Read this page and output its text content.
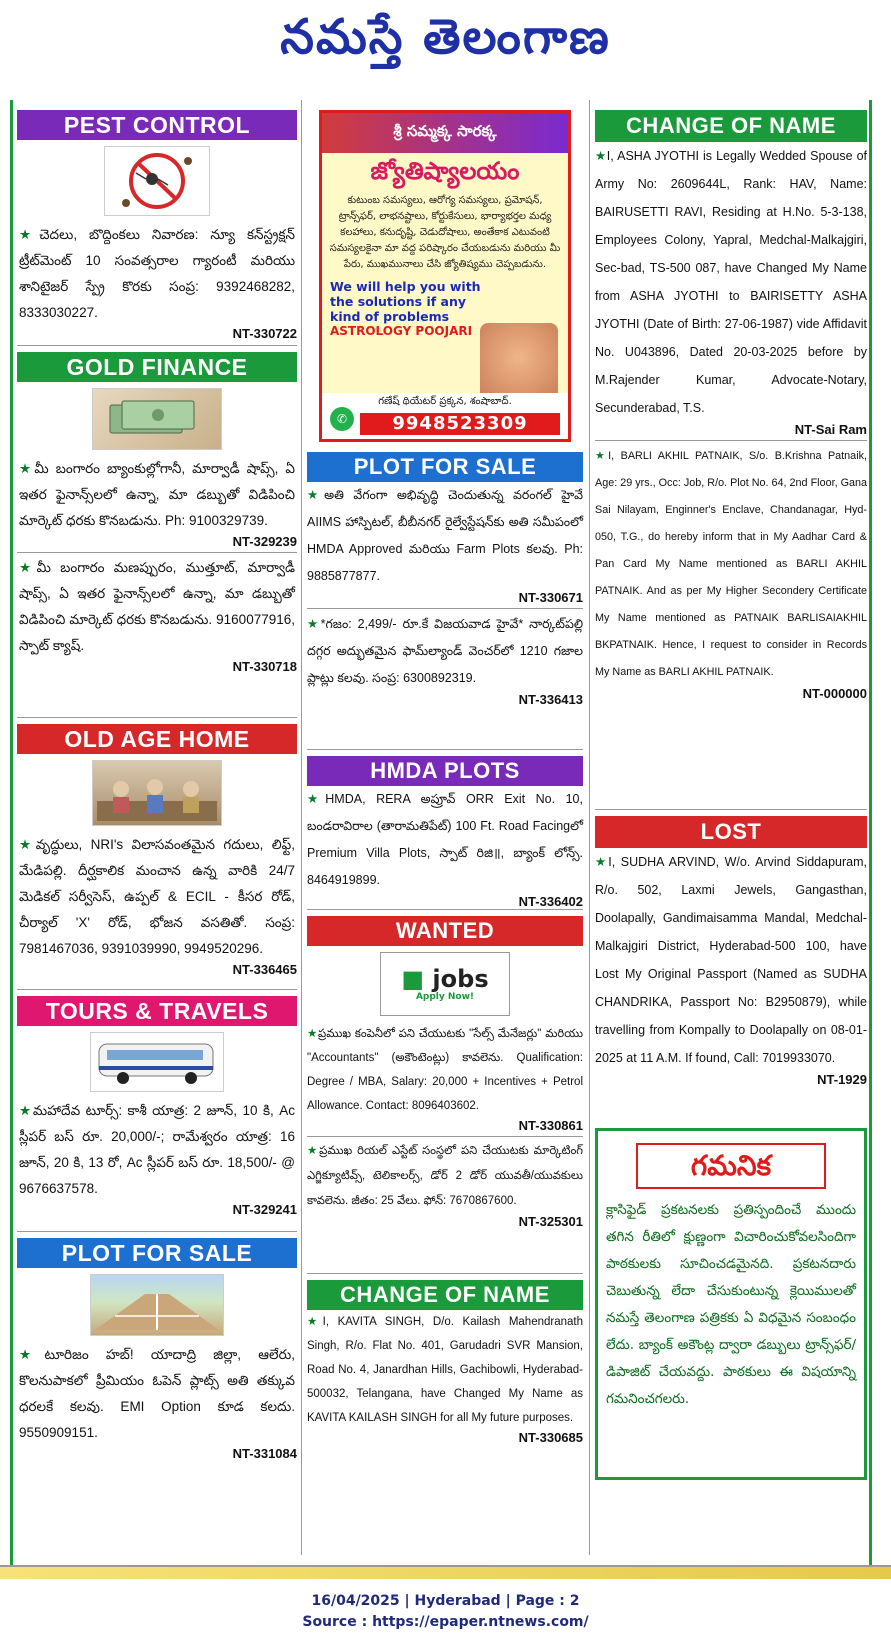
నమస్తే తెలంగాణ
PEST CONTROL
★చెదలు, బొద్దింకలు నివారణ: న్యూ కన్‌స్ట్రక్షన్ ట్రీట్‌మెంట్ 10 సంవత్సరాల గ్యారంటీ మరియు శానిటైజర్ స్ప్రే కొరకు సంప్ర: 9392468282, 8333030227.
NT-330722
GOLD FINANCE
★మీ బంగారం బ్యాంకుల్లోగానీ, మార్వాడీ షాప్స్, ఏ ఇతర ఫైనాన్స్‌లలో ఉన్నా, మా డబ్బుతో విడిపించి మార్కెట్ ధరకు కొనబడును. Ph: 9100329739.
NT-329239
★మీ బంగారం మణప్పురం, ముత్తూట్, మార్వాడీ షాప్స్, ఏ ఇతర ఫైనాన్స్‌లలో ఉన్నా, మా డబ్బుతో విడిపించి మార్కెట్ ధరకు కొనబడును. 9160077916, స్పాట్ క్యాష్.
NT-330718
OLD AGE HOME
★వృద్ధులు, NRI's విలాసవంతమైన గదులు, లిఫ్ట్, మేడిపల్లి. దీర్ఘకాలిక మంచాన ఉన్న వారికి 24/7 మెడికల్ సర్వీసెస్, ఉప్పల్ & ECIL - కీసర రోడ్, చీర్యాల్ 'X' రోడ్, భోజన వసతితో. సంప్ర: 7981467036, 9391039990, 9949520296.
NT-336465
TOURS & TRAVELS
★మహాదేవ టూర్స్: కాశీ యాత్ర: 2 జూన్, 10 కి, Ac స్లీపర్ బస్ రూ. 20,000/-; రామేశ్వరం యాత్ర: 16 జూన్, 20 కి, 13 రో, Ac స్లీపర్ బస్ రూ. 18,500/- @ 9676637578.
NT-329241
PLOT FOR SALE
★టూరిజం హబ్! యాదాద్రి జిల్లా, ఆలేరు, కొలనుపాకలో ప్రీమియం ఓపెన్ ప్లాట్స్ అతి తక్కువ ధరలకే కలవు. EMI Option కూడ కలదు. 9550909151.
NT-331084
శ్రీ సమ్మక్క సారక్క
జ్యోతిష్యాలయం
కుటుంబ సమస్యలు, ఆరోగ్య సమస్యలు, ప్రమోషన్, ట్రాన్స్‌ఫర్, లాభనష్టాలు, కోర్టుకేసులు, భార్యాభర్తల మధ్య కలహాలు, కనుదృష్టి, చెడుదోషాలు, అంతేకాక ఎటువంటి సమస్యలకైనా మా వద్ద పరిష్కారం చేయబడును మరియు మీ పేరు, ముఖమునాలు చేసి జ్యోతిష్యము చెప్పబడును.
We will help you with the solutions if any kind of problems
ASTROLOGY POOJARI
గణేష్ థియేటర్ ప్రక్కన, శంషాబాద్.
✆	9948523309
PLOT FOR SALE
★అతి వేగంగా అభివృద్ధి చెందుతున్న వరంగల్ హైవే AIIMS హాస్పిటల్, బీబీనగర్ రైల్వేస్టేషన్‌కు అతి సమీపంలో HMDA Approved మరియు Farm Plots కలవు. Ph: 9885877877.
NT-330671
★*గజం: 2,499/- రూ.కే విజయవాడ హైవే* నార్కట్‌పల్లి దగ్గర అద్భుతమైన ఫామ్‌ల్యాండ్ వెంచర్‌లో 1210 గజాల ప్లాట్లు కలవు. సంప్ర: 6300892319.
NT-336413
HMDA PLOTS
★HMDA, RERA అప్రూవ్ ORR Exit No. 10, బండరావిరాల (తారామతిపేట్) 100 Ft. Road Facingలో Premium Villa Plots, స్పాట్ రిజి॥, బ్యాంక్ లోన్స్. 8464919899.
NT-336402
WANTED
■ jobs
Apply Now!
★ప్రముఖ కంపెనీలో పని చేయుటకు "సేల్స్ మేనేజర్లు" మరియు "Accountants" (అకౌంటెంట్లు) కావలెను. Qualification: Degree / MBA, Salary: 20,000 + Incentives + Petrol Allowance. Contact: 8096403602.
NT-330861
★ప్రముఖ రియల్ ఎస్టేట్ సంస్థలో పని చేయుటకు మార్కెటింగ్ ఎగ్జిక్యూటివ్స్, టెలికాలర్స్, డోర్ 2 డోర్ యువతీ/యువకులు కావలెను. జీతం: 25 వేలు. ఫోన్: 7670867600.
NT-325301
CHANGE OF NAME
★I, KAVITA SINGH, D/o. Kailash Mahendranath Singh, R/o. Flat No. 401, Garudadri SVR Mansion, Road No. 4, Janardhan Hills, Gachibowli, Hyderabad-500032, Telangana, have Changed My Name as KAVITA KAILASH SINGH for all My future purposes.
NT-330685
CHANGE OF NAME
★I, ASHA JYOTHI is Legally Wedded Spouse of Army No: 2609644L, Rank: HAV, Name: BAIRUSETTI RAVI, Residing at H.No. 5-3-138, Employees Colony, Yapral, Medchal-Malkajgiri, Sec-bad, TS-500 087, have Changed My Name from ASHA JYOTHI to BAIRISETTY ASHA JYOTHI (Date of Birth: 27-06-1987) vide Affidavit No. U043896, Dated 20-03-2025 before by M.Rajender Kumar, Advocate-Notary, Secunderabad, T.S.
NT-Sai Ram
★I, BARLI AKHIL PATNAIK, S/o. B.Krishna Patnaik, Age: 29 yrs., Occ: Job, R/o. Plot No. 64, 2nd Floor, Gana Sai Nilayam, Enginner's Enclave, Chandanagar, Hyd-050, T.G., do hereby inform that in My Aadhar Card & Pan Card My Name mentioned as BARLI AKHIL PATNAIK. And as per My Higher Secondery Certificate My Name mentioned as PATNAIK BARLISAIAKHIL BKPATNAIK. Hence, I request to consider in Records My Name as BARLI AKHIL PATNAIK.
NT-000000
LOST
★I, SUDHA ARVIND, W/o. Arvind Siddapuram, R/o. 502, Laxmi Jewels, Gangasthan, Doolapally, Gandimaisamma Mandal, Medchal-Malkajgiri District, Hyderabad-500 100, have Lost My Original Passport (Named as SUDHA CHANDRIKA, Passport No: B2950879), while travelling from Kompally to Doolapally on 08-01-2025 at 11 A.M. If found, Call: 7019933070.
NT-1929
గమనిక
క్లాసిఫైడ్ ప్రకటనలకు ప్రతిస్పందించే ముందు తగిన రీతిలో క్షుణ్ణంగా విచారించుకోవలసిందిగా పాఠకులకు సూచించడమైనది. ప్రకటనదారు చెబుతున్న లేదా చేసుకుంటున్న క్లెయిములతో నమస్తే తెలంగాణ పత్రికకు ఏ విధమైన సంబంధం లేదు. బ్యాంక్ అకౌంట్ల ద్వారా డబ్బులు ట్రాన్స్‌ఫర్/డిపాజిట్ చేయవద్దు. పాఠకులు ఈ విషయాన్ని గమనించగలరు.
16/04/2025 | Hyderabad | Page : 2
Source : https://epaper.ntnews.com/
